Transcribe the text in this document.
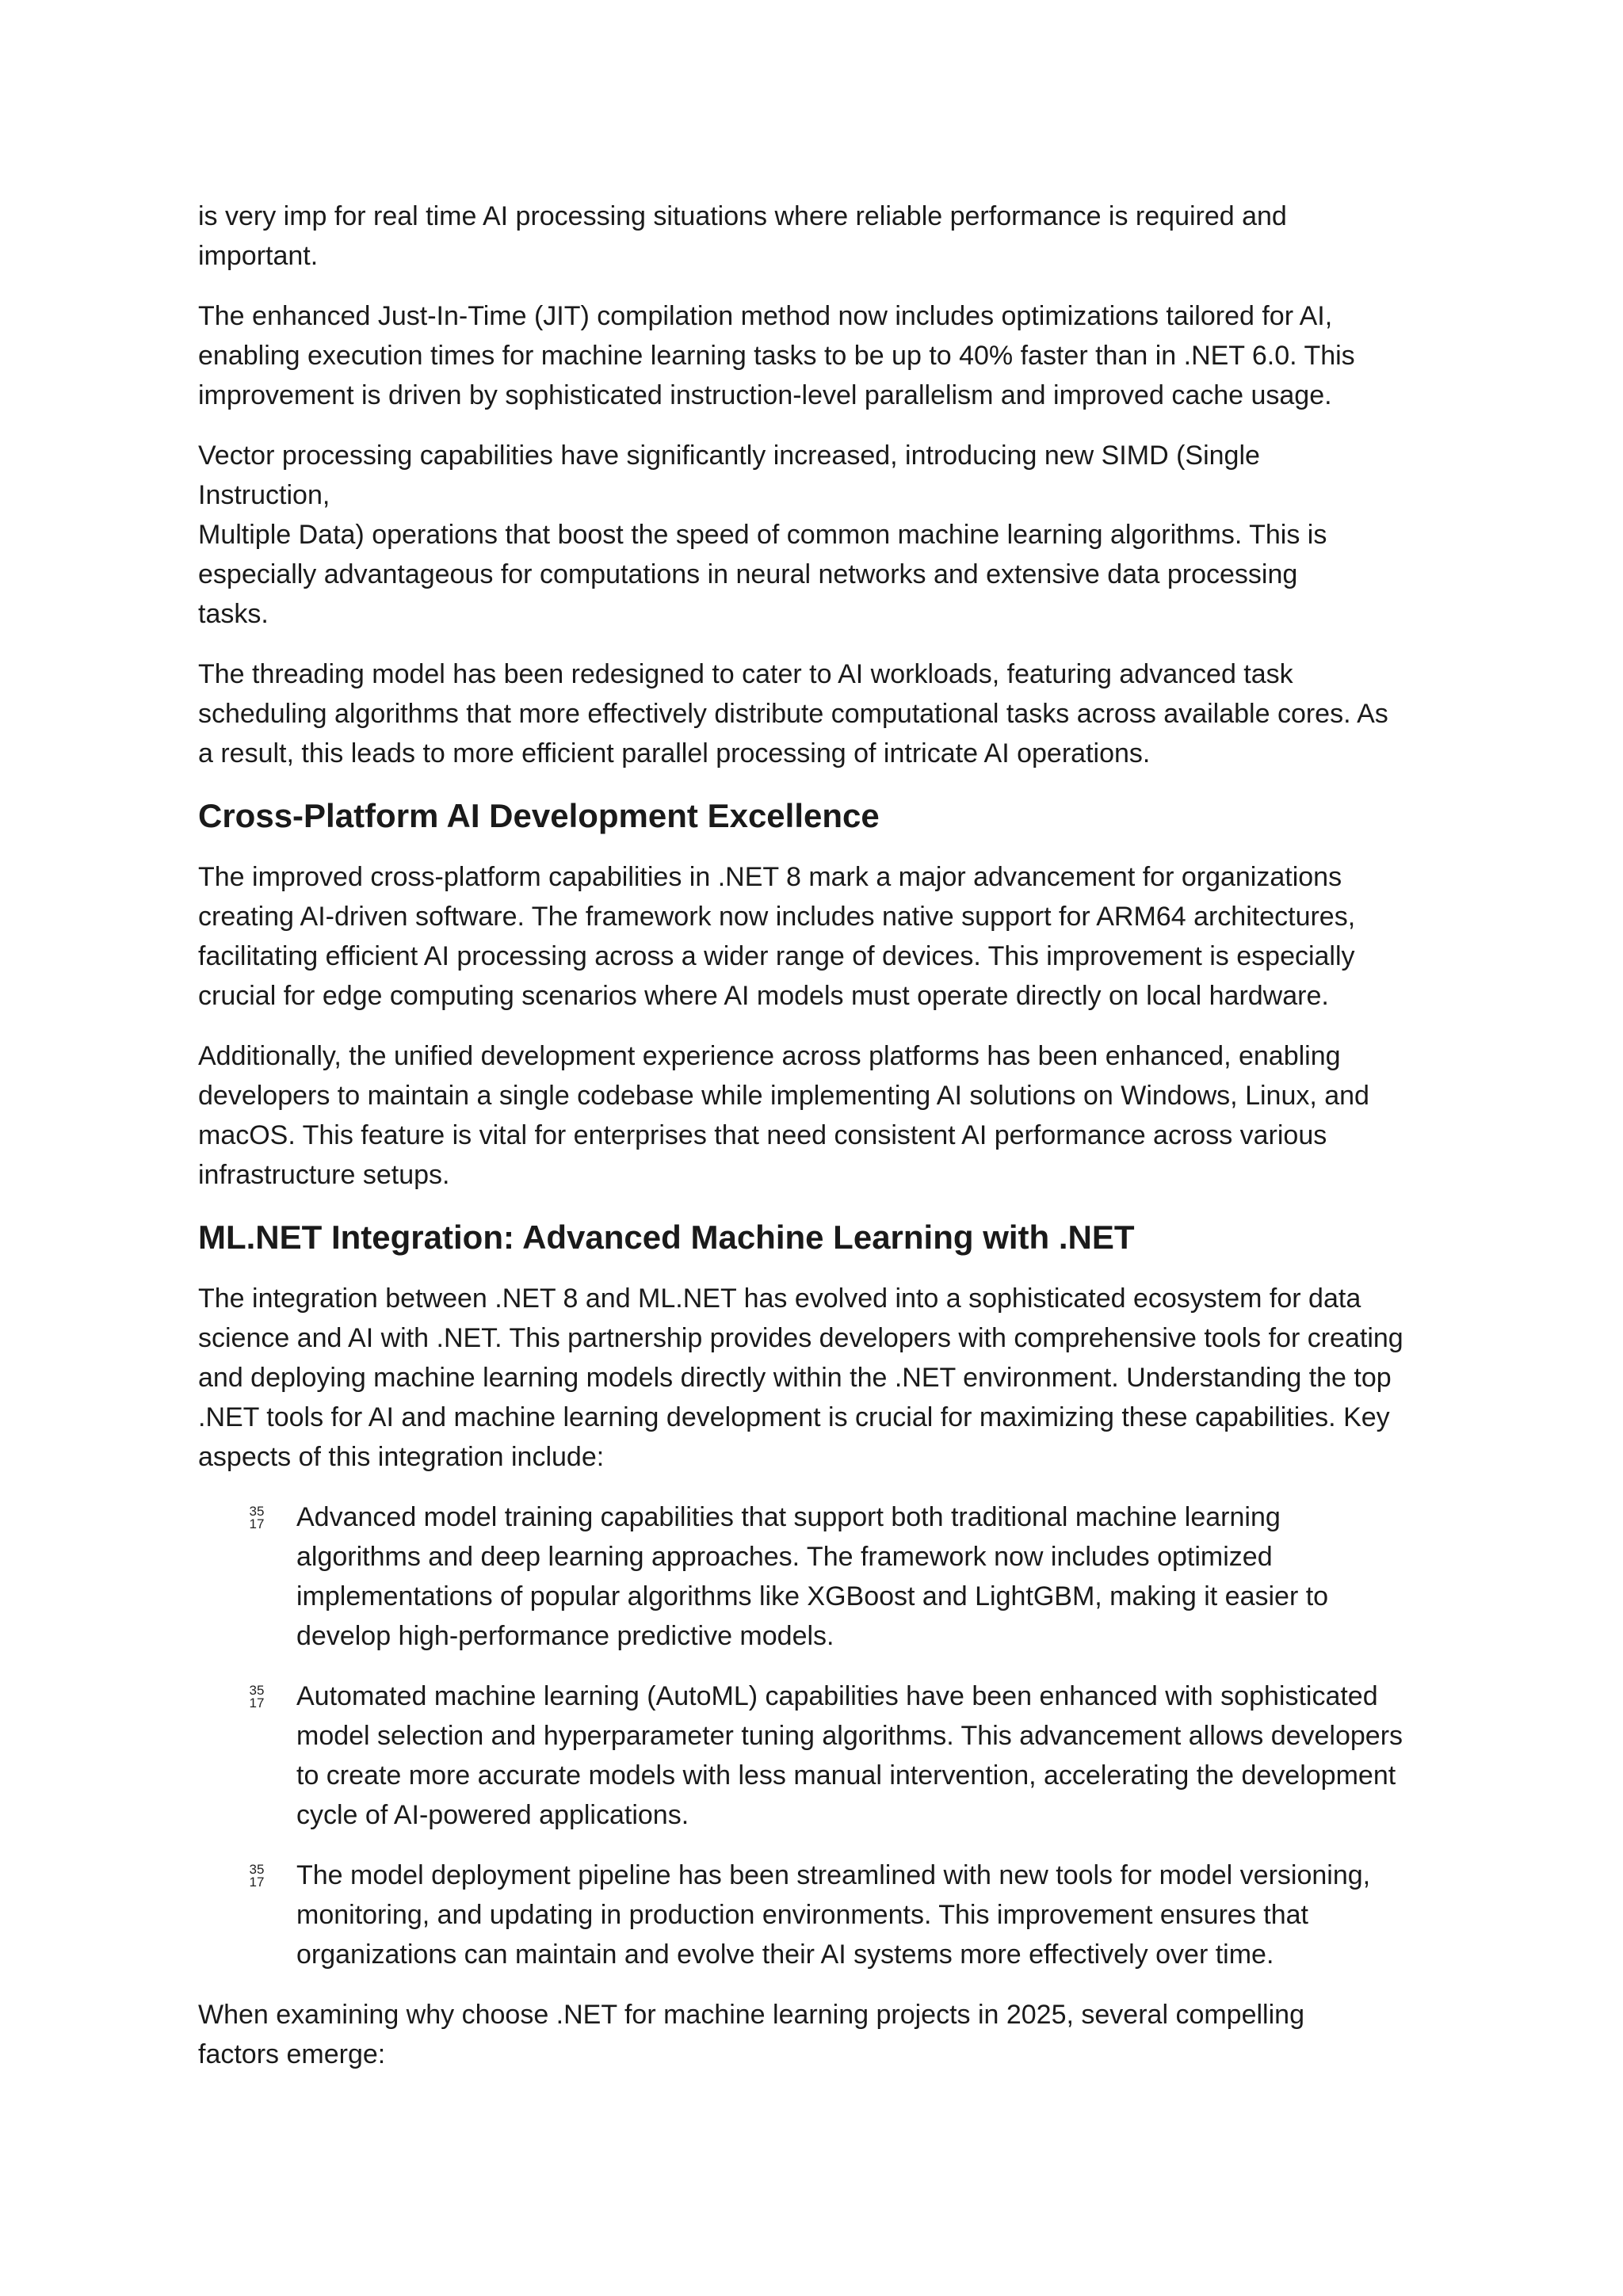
is very imp for real time AI processing situations where reliable performance is required and
important.
The enhanced Just-In-Time (JIT) compilation method now includes optimizations tailored for AI,
enabling execution times for machine learning tasks to be up to 40% faster than in .NET 6.0. This
improvement is driven by sophisticated instruction-level parallelism and improved cache usage.
Vector processing capabilities have significantly increased, introducing new SIMD (Single
Instruction,
Multiple Data) operations that boost the speed of common machine learning algorithms. This is
especially advantageous for computations in neural networks and extensive data processing
tasks.
The threading model has been redesigned to cater to AI workloads, featuring advanced task
scheduling algorithms that more effectively distribute computational tasks across available cores. As
a result, this leads to more efficient parallel processing of intricate AI operations.
Cross-Platform AI Development Excellence
The improved cross-platform capabilities in .NET 8 mark a major advancement for organizations
creating AI-driven software. The framework now includes native support for ARM64 architectures,
facilitating efficient AI processing across a wider range of devices. This improvement is especially
crucial for edge computing scenarios where AI models must operate directly on local hardware.
Additionally, the unified development experience across platforms has been enhanced, enabling
developers to maintain a single codebase while implementing AI solutions on Windows, Linux, and
macOS. This feature is vital for enterprises that need consistent AI performance across various
infrastructure setups.
ML.NET Integration: Advanced Machine Learning with .NET
The integration between .NET 8 and ML.NET has evolved into a sophisticated ecosystem for data
science and AI with .NET. This partnership provides developers with comprehensive tools for creating
and deploying machine learning models directly within the .NET environment. Understanding the top
.NET tools for AI and machine learning development is crucial for maximizing these capabilities. Key
aspects of this integration include:
35
17 Advanced model training capabilities that support both traditional machine learning
algorithms and deep learning approaches. The framework now includes optimized
implementations of popular algorithms like XGBoost and LightGBM, making it easier to
develop high-performance predictive models.
35
17 Automated machine learning (AutoML) capabilities have been enhanced with sophisticated
model selection and hyperparameter tuning algorithms. This advancement allows developers
to create more accurate models with less manual intervention, accelerating the development
cycle of AI-powered applications.
35
17 The model deployment pipeline has been streamlined with new tools for model versioning,
monitoring, and updating in production environments. This improvement ensures that
organizations can maintain and evolve their AI systems more effectively over time.
When examining why choose .NET for machine learning projects in 2025, several compelling
factors emerge:
